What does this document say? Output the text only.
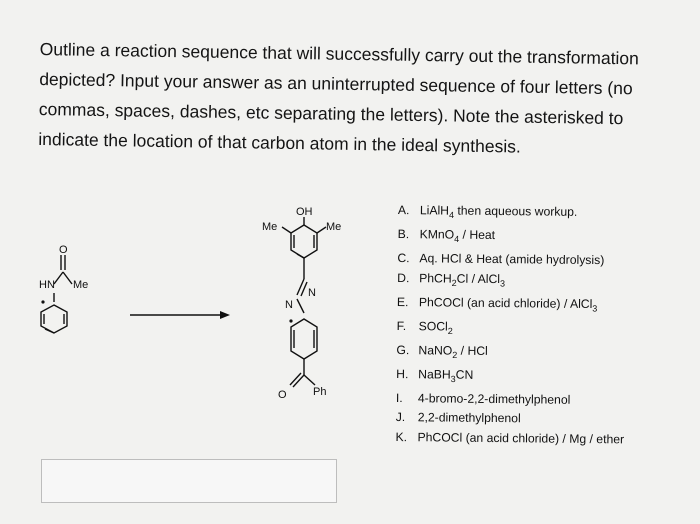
Outline a reaction sequence that will successfully carry out the transformation depicted? Input your answer as an uninterrupted sequence of four letters (no commas, spaces, dashes, etc separating the letters). Note the asterisked to indicate the location of that carbon atom in the ideal synthesis.
O
HN Me
OH
Me	Me
N
N
O Ph
A. LiAlH$_4$ then aqueous workup.
B. KMnO$_4$ / Heat
C. Aq. HCl & Heat (amide hydrolysis)
D. PhCH$_2$Cl / AlCl$_3$
E. PhCOCl (an acid chloride) / AlCl$_3$
F.	SOCl$_2$
G. NaNO$_2$ / HCl
H. NaBH$_3$CN
I.	4-bromo-2,2-dimethylphenol
J.	2,2-dimethylphenol
K. PhCOCl (an acid chloride) / Mg / ether
